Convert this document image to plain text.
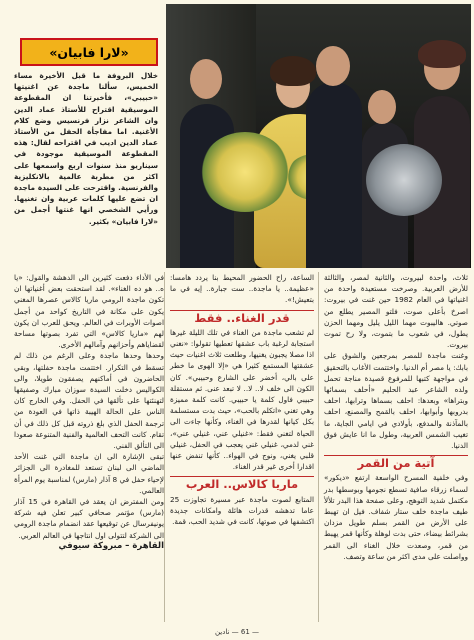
«لارا فابيان»

خلال البروفة ما قبل الأخيرة مساء الخميس، سألنا ماجدة عن اغنيتها «حبيبي»، فأخبرتنا ان المقطوعة الموسيقية اقتراح للأستاذ عماد الدين وان الشاعر نزار فرنسيس وضع كلام الأغنية. اما مفاجأة الحفل من الأستاذ عماد الدين اديب في اقتراحه لقال: هذه المقطوعة الموسيقية موجودة في سيناريو منذ سنوات اربع واسمعها على اكثر من مطربة عالمية بالانكليزية والفرنسية. واقترحت على السيدة ماجدة ان تضع عليها كلمات عربية وان تغنيها. ورأيي الشخصي انها غنتها أجمل من «لارا فابيان» بكثير.

في الأداء دفعت كثيرين الى الدهشة والقول: «يا ه.. هو ده الغناء». لقد استحقت بعض أغنياتها ان تكون ماجدة الرومي ماريا كالاس عصرها المغني يكون على مكانة في التاريخ كواحد من أجمل اصوات الأوبرات في العالم. ويحق للعرب ان يكون لهم «ماريا كالاس» التي تفرد بصوتها مساحة لقضاياهم وأحزانهم وآمالهم الأخرى.

وحدها وحدها ماجدة وعلى الرغم من ذلك لم تسقط في التكرار. اختتمت ماجدة حفلتها، وبقي الحاضرون في أماكنهم يصفقون طويلا، والى الكواليس دخلت السيدة سوزان مبارك وصفيقها لتهنئتها على تألقها في الحفل. وفي الخارج كان الناس على الحالة الهيبة ذاتها في العودة من ترجمة الحفل الذي بلغ ذروته قبل كل ذلك في أن تقام. كانت التحف العالمية والفنية المتنوعة صعودا الى التألق الفني.

تبقى الإشارة الى ان ماجدة التي غنت الأحد الماضي الى لبنان تستعد للمغادرة الى الجزائر لإحياء حفل في 8 آذار (مارس) لمناسبة يوم المرأة العالمي.

ومن المفترض ان يعقد في القاهرة في 15 آذار (مارس) مؤتمر صحافي كبير تعلن فيه شركة يونيفرسال عن توقيعها عقد انضمام ماجدة الرومي الى الشركة لتتولى اول انتاجها في العالم العربي.

القاهرة – مبروكة سيوفي

الساعة، راح الحضور المحيط بنا يردد هامسا: «عظيمة.. يا ماجدة.. ست جبارة.. إيه في ما بتعيش!».

قدر الغناء.. فقط

لم تشعب ماجدة من الغناء في تلك الليلة غيرها استجابة لرغبة باب عشقها تعطيها تقولوا: «نغني اذا مصلا يجبون يغنيها، وطلعت ثلاث اغنيات حيث عشقتها المستمع كثيرا هي «إلا الهوى ما خطر على بالي، أخضر على الشارع وحبيبي». كان الكون الى خلف لا.. لا.. لا تبعد عنى. ثم مستقلة حبيبي فاول كلمة يا حبيبي. كانت كلمة مميزة وهي تغني «اتكلم بالحب»، حيث بدت مستسلمة بكل كيانها لقدرها في الغناء، وكأنها جاءت الى الحياة لتغني فقط: «غنيلي عني، غنيلي عني»، غني لدمي، غنيلي غني يعجب في الحفل، غنيلي قلبي يغني، ونوج في الهواء.. كأنها تنفض عنها اقدارا أخرى غير قدر الغناء.

ماريا كالاس.. العرب

المتابع لصوت ماجدة عبر مسيرة تجاوزت 25 عاما تدهشه قدرات هائلة وامكانات جديدة اكتشفها في صوتها، كانت في شديد الحب، قمة.

ثلاث، واحدة لبيروت، والثانية لمصر، والثالثة للأرض العربية. وصرخت مستعيدة واحدة من اغنياتها في العام 1982 حين غنت في بيروت: اصرخ بأعلى صوت، فلتو المصير يطلع من صوتي. هاليبوت مهما الليل يليل ومهما الحزن يطول، في شعوب ما بتموت، ولا رح تموت بيروت.

وغنت ماجدة للمصر بمرجعين والشوق على بابك: يا مصر أم الدنيا. واختتمت الأغاب بالتحقيق في مواجهة كتبها للمرفوع قصيدة مناجة تحمل ولده الشاعر عبد الحليم «أحلف بسمائها وبتراها» وبعدها: احلف بسماها وترابها، احلف بدروبها وأبوابها، احلف بالقمح والمصنع، احلف بالمآذنة والمدفع، بأولادي في ايامي الجاية، ما تغيب الشمس العربية، وطول ما انا عايش فوق الدنيا.

آتية من القمر

وفي خلفية المسرح الواسعة ارتفع «ديكور» لسماء زرقاء صافية تسطع نجومها وبوسطها بدر مكتمل شديد التوهج، وعلى صفحة هذا البدر تلألأ طيف ماجدة خلف ستار شفاف. فيل ان تهبط على الأرض من القمر بسلم طويل مزدان بشرائط بيضاء، حتى بدت لوهلة وكأنها قمر يهبط من قمر، وصعدت خلال الغناء الى القمر وواصلت على مدى اكثر من ساعة وتصف.

— 61 — نادين
